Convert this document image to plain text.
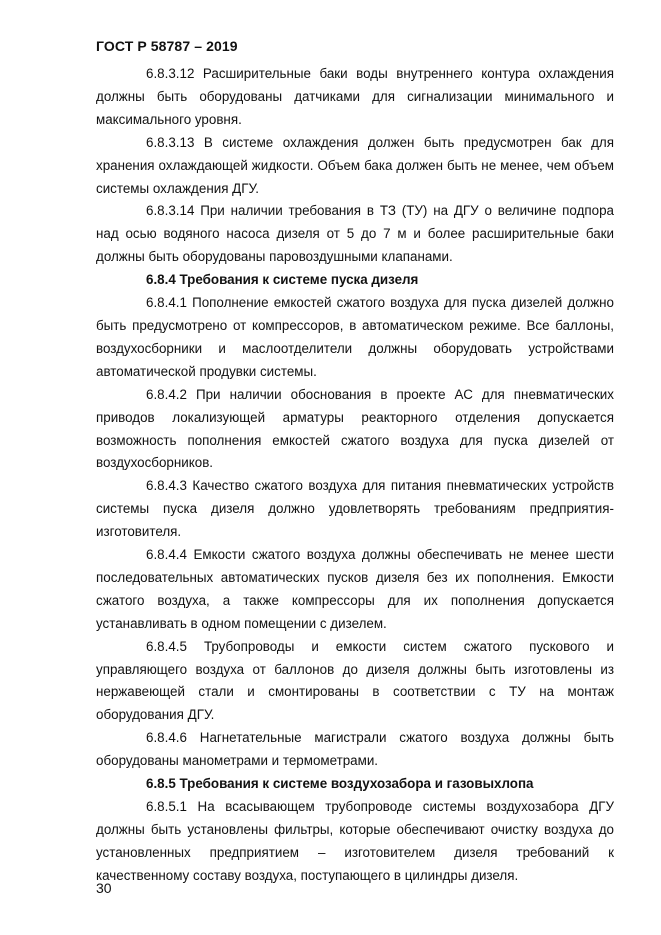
ГОСТ Р 58787 – 2019

6.8.3.12 Расширительные баки воды внутреннего контура охлаждения должны быть оборудованы датчиками для сигнализации минимального и максимального уровня.

6.8.3.13 В системе охлаждения должен быть предусмотрен бак для хранения охлаждающей жидкости. Объем бака должен быть не менее, чем объем системы охлаждения ДГУ.

6.8.3.14 При наличии требования в ТЗ (ТУ) на ДГУ о величине подпора над осью водяного насоса дизеля от 5 до 7 м и более расширительные баки должны быть оборудованы паровоздушными клапанами.

6.8.4 Требования к системе пуска дизеля

6.8.4.1 Пополнение емкостей сжатого воздуха для пуска дизелей должно быть предусмотрено от компрессоров, в автоматическом режиме. Все баллоны, воздухосборники и маслоотделители должны оборудовать устройствами автоматической продувки системы.

6.8.4.2 При наличии обоснования в проекте АС для пневматических приводов локализующей арматуры реакторного отделения допускается возможность пополнения емкостей сжатого воздуха для пуска дизелей от воздухосборников.

6.8.4.3 Качество сжатого воздуха для питания пневматических устройств системы пуска дизеля должно удовлетворять требованиям предприятия-изготовителя.

6.8.4.4 Емкости сжатого воздуха должны обеспечивать не менее шести последовательных автоматических пусков дизеля без их пополнения. Емкости сжатого воздуха, а также компрессоры для их пополнения допускается устанавливать в одном помещении с дизелем.

6.8.4.5 Трубопроводы и емкости систем сжатого пускового и управляющего воздуха от баллонов до дизеля должны быть изготовлены из нержавеющей стали и смонтированы в соответствии с ТУ на монтаж оборудования ДГУ.

6.8.4.6 Нагнетательные магистрали сжатого воздуха должны быть оборудованы манометрами и термометрами.

6.8.5 Требования к системе воздухозабора и газовыхлопа

6.8.5.1 На всасывающем трубопроводе системы воздухозабора ДГУ должны быть установлены фильтры, которые обеспечивают очистку воздуха до установленных предприятием – изготовителем дизеля требований к качественному составу воздуха, поступающего в цилиндры дизеля.

30
